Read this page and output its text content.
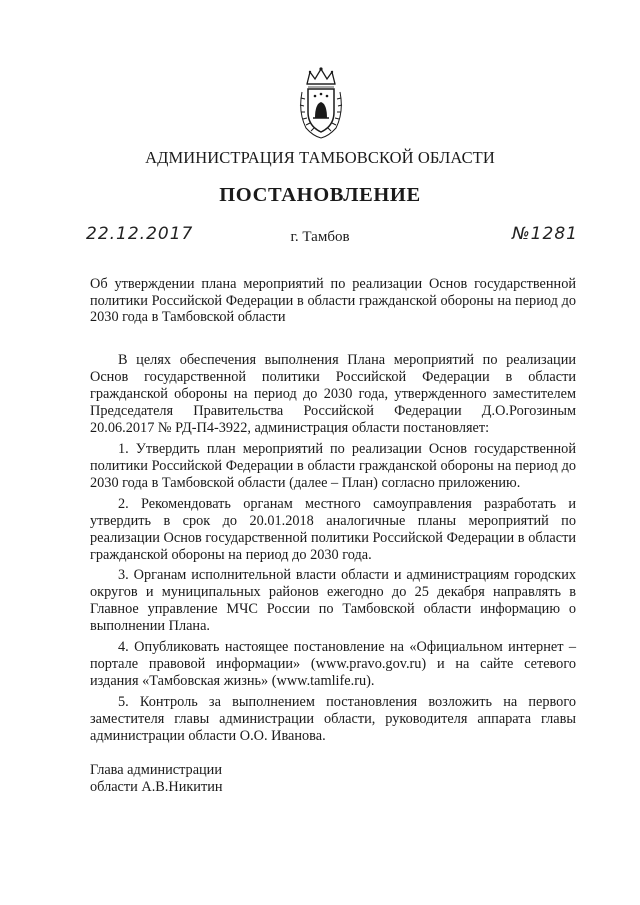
АДМИНИСТРАЦИЯ ТАМБОВСКОЙ ОБЛАСТИ
ПОСТАНОВЛЕНИЕ
22.12.2017	г. Тамбов	№1281

Об утверждении плана мероприятий по реализации Основ государственной политики Российской Федерации в области гражданской обороны на период до 2030 года в Тамбовской области

В целях обеспечения выполнения Плана мероприятий по реализации Основ государственной политики Российской Федерации в области гражданской обороны на период до 2030 года, утвержденного заместителем Председателя Правительства Российской Федерации Д.О.Рогозиным 20.06.2017 № РД-П4-3922, администрация области постановляет:

1. Утвердить план мероприятий по реализации Основ государственной политики Российской Федерации в области гражданской обороны на период до 2030 года в Тамбовской области (далее – План) согласно приложению.

2. Рекомендовать органам местного самоуправления разработать и утвердить в срок до 20.01.2018 аналогичные планы мероприятий по реализации Основ государственной политики Российской Федерации в области гражданской обороны на период до 2030 года.

3. Органам исполнительной власти области и администрациям городских округов и муниципальных районов ежегодно до 25 декабря направлять в Главное управление МЧС России по Тамбовской области информацию о выполнении Плана.

4. Опубликовать настоящее постановление на «Официальном интернет – портале правовой информации» (www.pravo.gov.ru) и на сайте сетевого издания «Тамбовская жизнь» (www.tamlife.ru).

5. Контроль за выполнением постановления возложить на первого заместителя главы администрации области, руководителя аппарата главы администрации области О.О. Иванова.

Глава администрации
области А.В.Никитин
